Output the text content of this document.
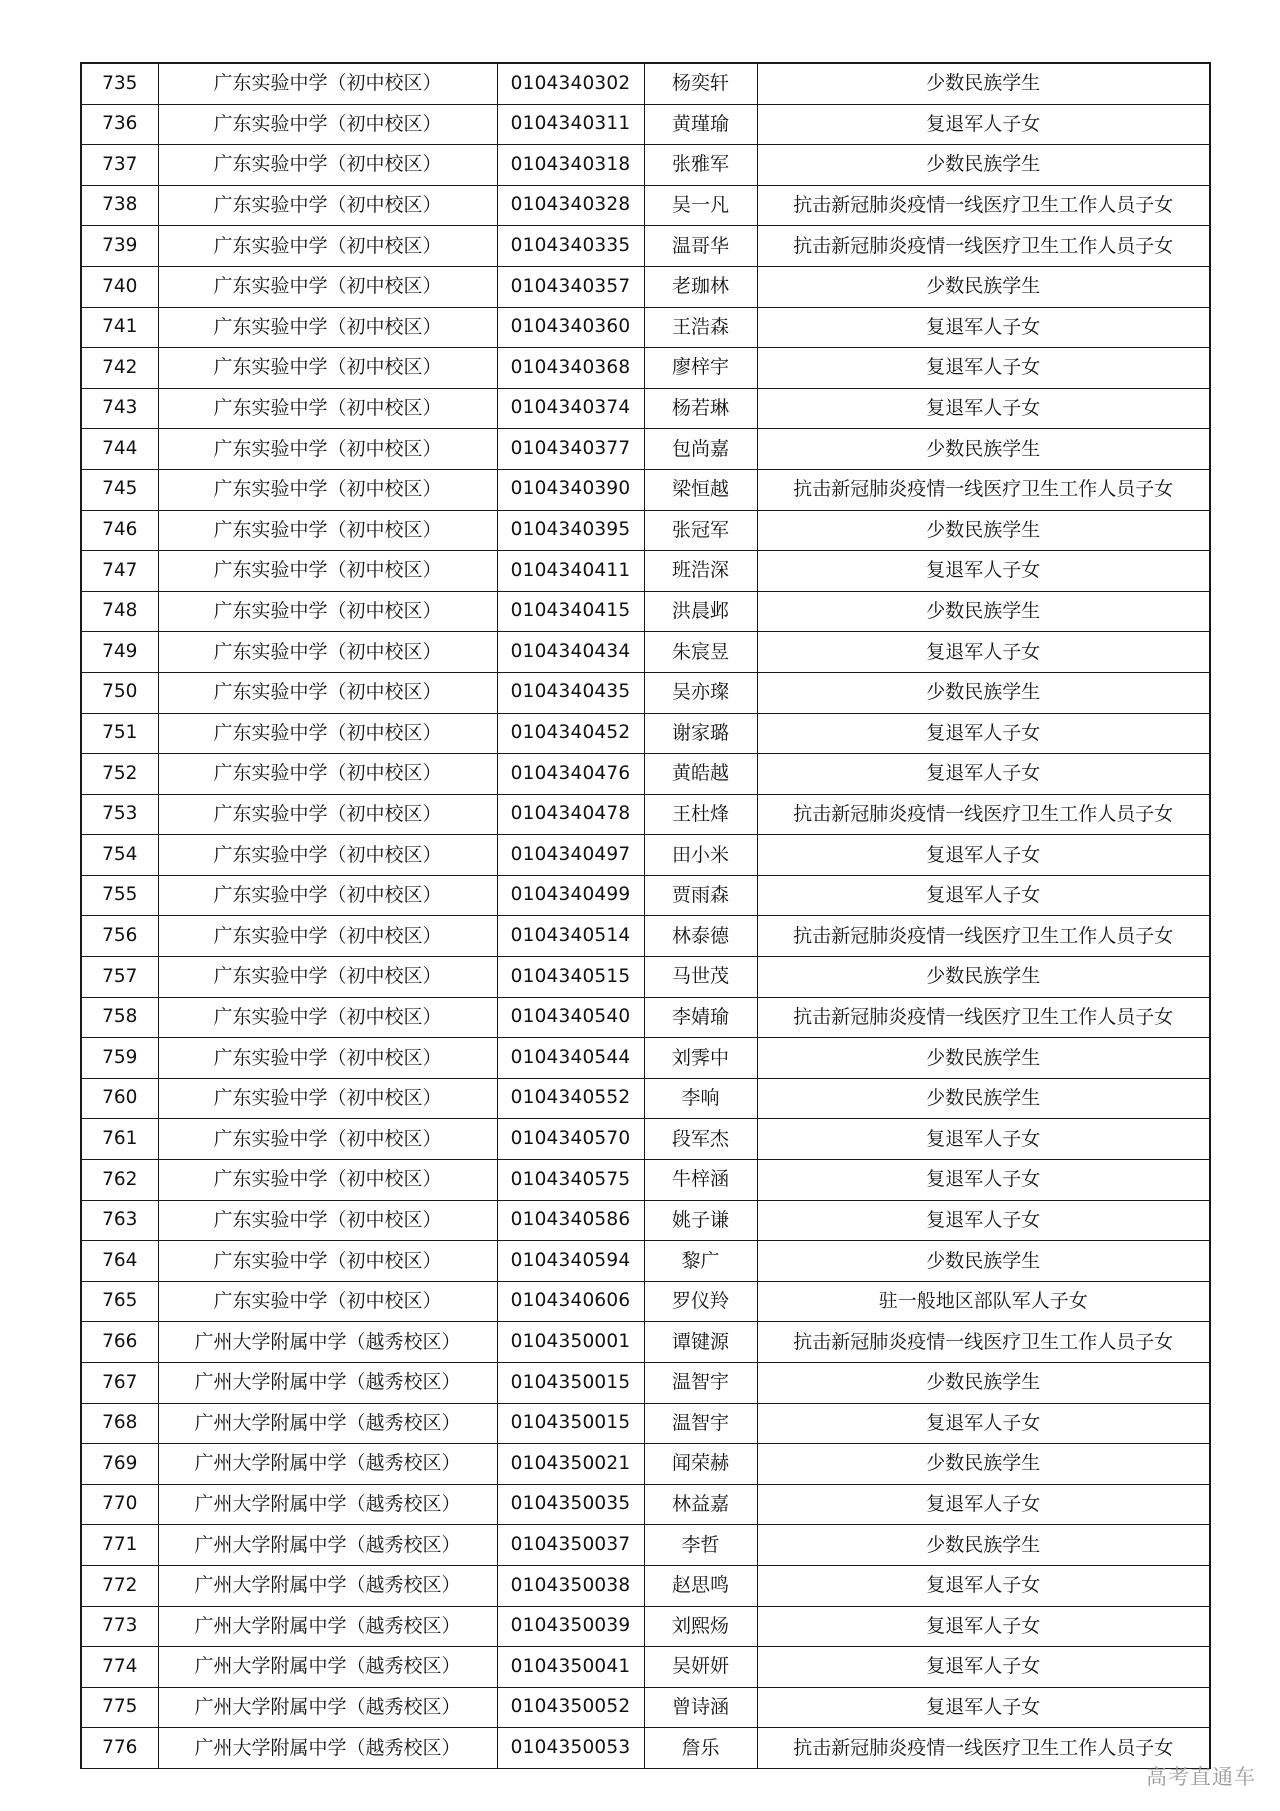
735	广东实验中学（初中校区）	0104340302	杨奕轩	少数民族学生
736	广东实验中学（初中校区）	0104340311	黄瑾瑜	复退军人子女
737	广东实验中学（初中校区）	0104340318	张雅军	少数民族学生
738	广东实验中学（初中校区）	0104340328	吴一凡	抗击新冠肺炎疫情一线医疗卫生工作人员子女
739	广东实验中学（初中校区）	0104340335	温哥华	抗击新冠肺炎疫情一线医疗卫生工作人员子女
740	广东实验中学（初中校区）	0104340357	老珈林	少数民族学生
741	广东实验中学（初中校区）	0104340360	王浩森	复退军人子女
742	广东实验中学（初中校区）	0104340368	廖梓宇	复退军人子女
743	广东实验中学（初中校区）	0104340374	杨若琳	复退军人子女
744	广东实验中学（初中校区）	0104340377	包尚嘉	少数民族学生
745	广东实验中学（初中校区）	0104340390	梁恒越	抗击新冠肺炎疫情一线医疗卫生工作人员子女
746	广东实验中学（初中校区）	0104340395	张冠军	少数民族学生
747	广东实验中学（初中校区）	0104340411	班浩深	复退军人子女
748	广东实验中学（初中校区）	0104340415	洪晨邺	少数民族学生
749	广东实验中学（初中校区）	0104340434	朱宸昱	复退军人子女
750	广东实验中学（初中校区）	0104340435	吴亦璨	少数民族学生
751	广东实验中学（初中校区）	0104340452	谢家璐	复退军人子女
752	广东实验中学（初中校区）	0104340476	黄皓越	复退军人子女
753	广东实验中学（初中校区）	0104340478	王杜烽	抗击新冠肺炎疫情一线医疗卫生工作人员子女
754	广东实验中学（初中校区）	0104340497	田小米	复退军人子女
755	广东实验中学（初中校区）	0104340499	贾雨森	复退军人子女
756	广东实验中学（初中校区）	0104340514	林泰德	抗击新冠肺炎疫情一线医疗卫生工作人员子女
757	广东实验中学（初中校区）	0104340515	马世茂	少数民族学生
758	广东实验中学（初中校区）	0104340540	李婧瑜	抗击新冠肺炎疫情一线医疗卫生工作人员子女
759	广东实验中学（初中校区）	0104340544	刘霁中	少数民族学生
760	广东实验中学（初中校区）	0104340552	李响	少数民族学生
761	广东实验中学（初中校区）	0104340570	段军杰	复退军人子女
762	广东实验中学（初中校区）	0104340575	牛梓涵	复退军人子女
763	广东实验中学（初中校区）	0104340586	姚子谦	复退军人子女
764	广东实验中学（初中校区）	0104340594	黎广	少数民族学生
765	广东实验中学（初中校区）	0104340606	罗仪羚	驻一般地区部队军人子女
766	广州大学附属中学（越秀校区）	0104350001	谭键源	抗击新冠肺炎疫情一线医疗卫生工作人员子女
767	广州大学附属中学（越秀校区）	0104350015	温智宇	少数民族学生
768	广州大学附属中学（越秀校区）	0104350015	温智宇	复退军人子女
769	广州大学附属中学（越秀校区）	0104350021	闻荣赫	少数民族学生
770	广州大学附属中学（越秀校区）	0104350035	林益嘉	复退军人子女
771	广州大学附属中学（越秀校区）	0104350037	李哲	少数民族学生
772	广州大学附属中学（越秀校区）	0104350038	赵思鸣	复退军人子女
773	广州大学附属中学（越秀校区）	0104350039	刘熙炀	复退军人子女
774	广州大学附属中学（越秀校区）	0104350041	吴妍妍	复退军人子女
775	广州大学附属中学（越秀校区）	0104350052	曾诗涵	复退军人子女
776	广州大学附属中学（越秀校区）	0104350053	詹乐	抗击新冠肺炎疫情一线医疗卫生工作人员子女
高考直通车
